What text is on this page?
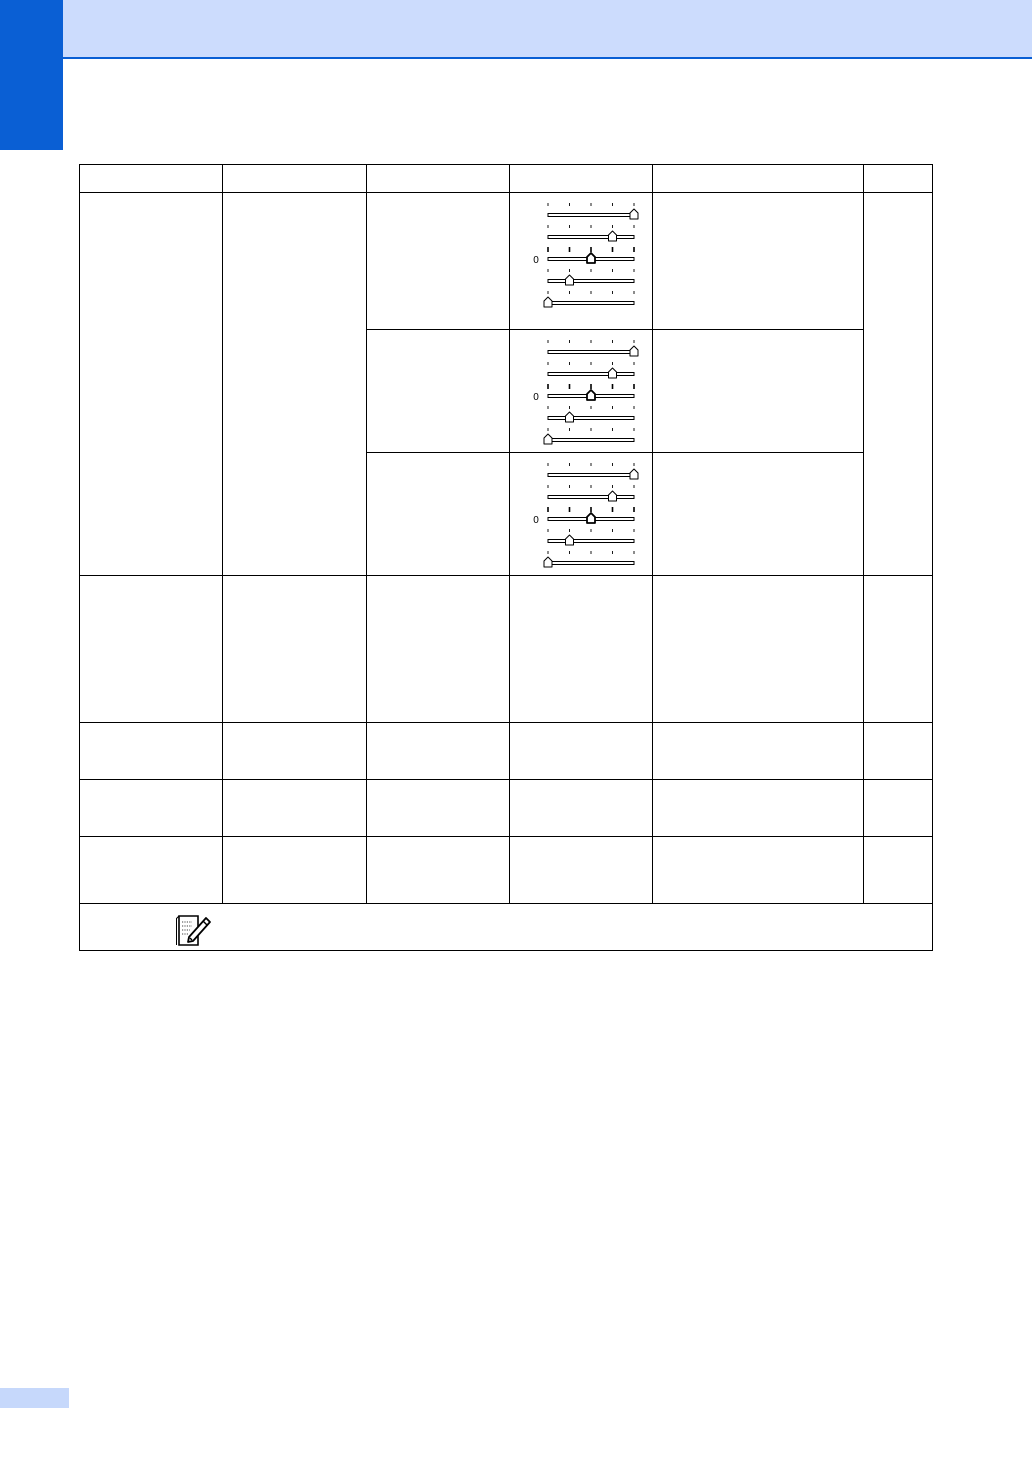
0		

0		

0		
